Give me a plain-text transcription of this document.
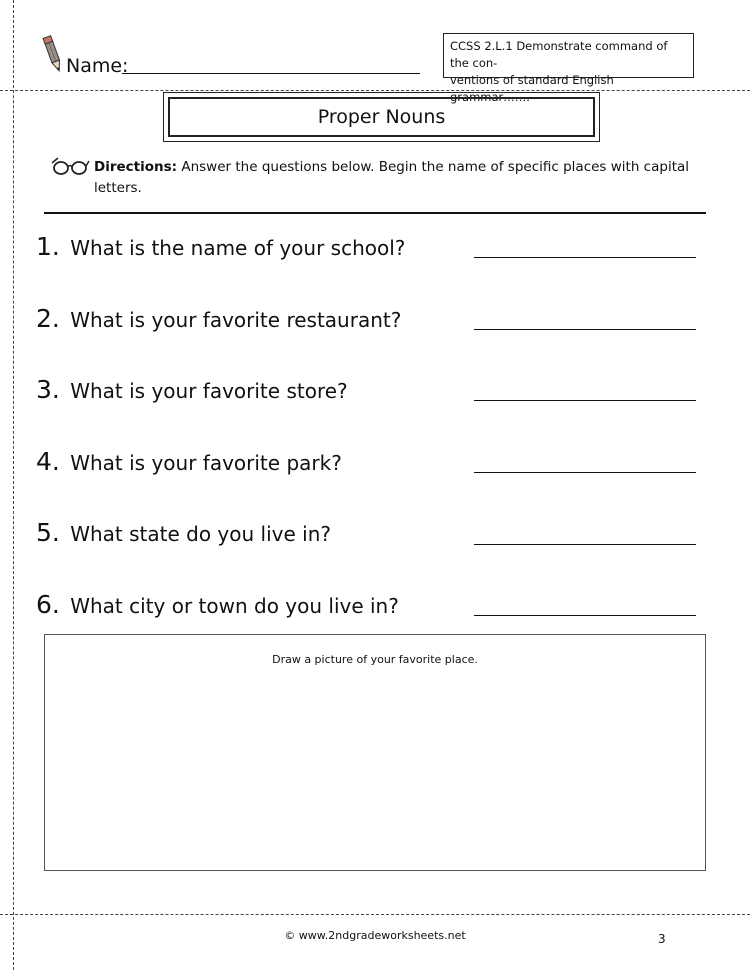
Name:
CCSS 2.L.1 Demonstrate command of the con-
ventions of standard English grammar…….
Proper Nouns
Directions: Answer the questions below. Begin the name of specific places with capital letters.
1. What is the name of your school?
2. What is your favorite restaurant?
3. What is your favorite store?
4. What is your favorite park?
5. What state do you live in?
6. What city or town do you live in?
Draw a picture of your favorite place.
© www.2ndgradeworksheets.net	3
